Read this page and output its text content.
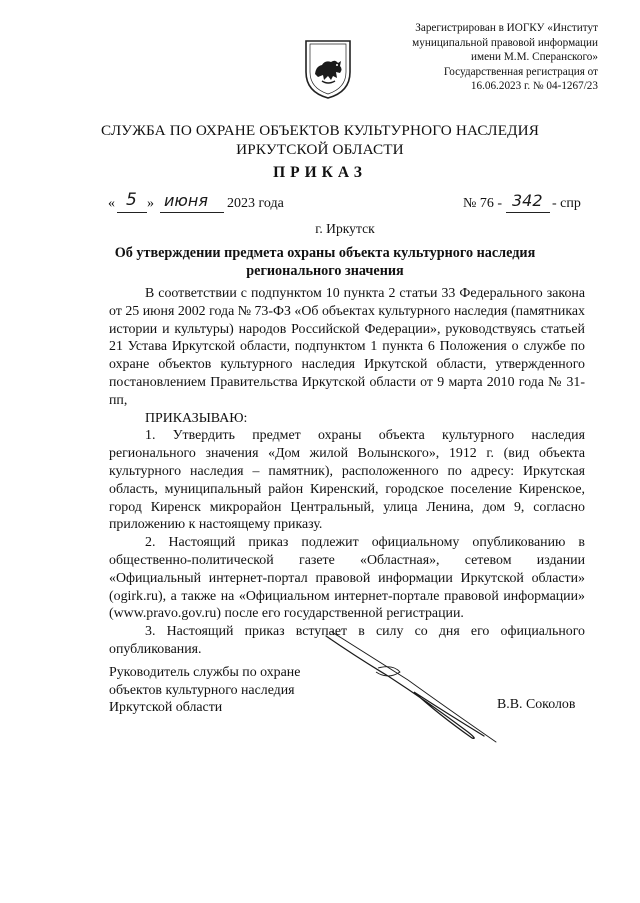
Зарегистрирован в ИОГКУ «Институт
муниципальной правовой информации
имени М.М. Сперанского»
Государственная регистрация от
16.06.2023 г. № 04-1267/23
СЛУЖБА ПО ОХРАНЕ ОБЪЕКТОВ КУЛЬТУРНОГО НАСЛЕДИЯ
ИРКУТСКОЙ ОБЛАСТИ
ПРИКАЗ
« 5 » июня 2023 года	№ 76 - 342 - спр
г. Иркутск
Об утверждении предмета охраны объекта культурного наследия
регионального значения

В соответствии с подпунктом 10 пункта 2 статьи 33 Федерального закона от 25 июня 2002 года № 73-ФЗ «Об объектах культурного наследия (памятниках истории и культуры) народов Российской Федерации», руководствуясь статьей 21 Устава Иркутской области, подпунктом 1 пункта 6 Положения о службе по охране объектов культурного наследия Иркутской области, утвержденного постановлением Правительства Иркутской области от 9 марта 2010 года № 31-пп,

ПРИКАЗЫВАЮ:

1. Утвердить предмет охраны объекта культурного наследия регионального значения «Дом жилой Волынского», 1912 г. (вид объекта культурного наследия – памятник), расположенного по адресу: Иркутская область, муниципальный район Киренский, городское поселение Киренское, город Киренск микрорайон Центральный, улица Ленина, дом 9, согласно приложению к настоящему приказу.

2. Настоящий приказ подлежит официальному опубликованию в общественно-политической газете «Областная», сетевом издании «Официальный интернет-портал правовой информации Иркутской области» (ogirk.ru), а также на «Официальном интернет-портале правовой информации» (www.pravo.gov.ru) после его государственной регистрации.

3. Настоящий приказ вступает в силу со дня его официального опубликования.

Руководитель службы по охране
объектов культурного наследия
Иркутской области	В.В. Соколов
